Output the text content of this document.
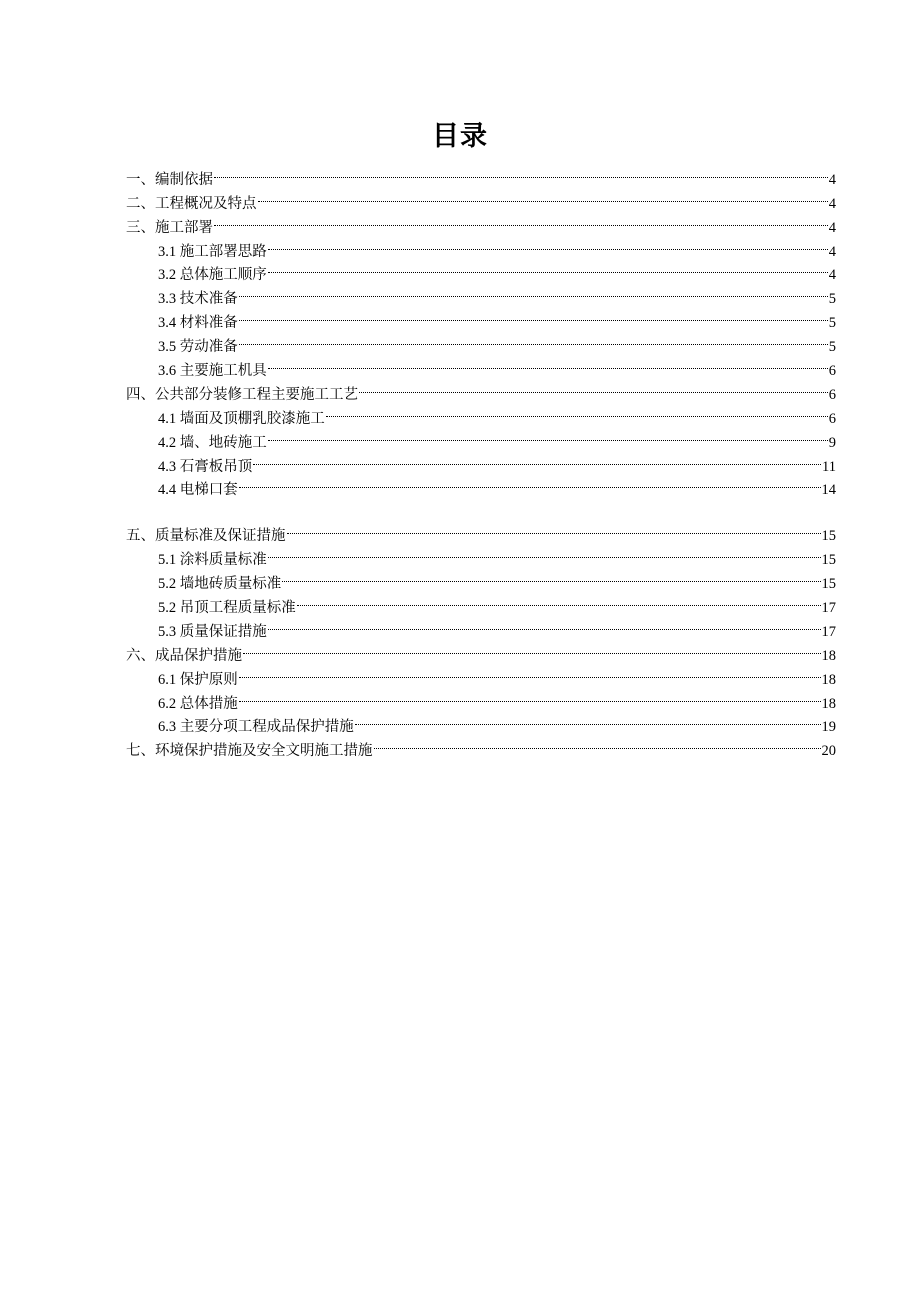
目录
一、编制依据	4
二、工程概况及特点	4
三、施工部署	4
3.1 施工部署思路	4
3.2 总体施工顺序	4
3.3 技术准备	5
3.4 材料准备	5
3.5 劳动准备	5
3.6 主要施工机具	6
四、公共部分装修工程主要施工工艺	6
4.1 墙面及顶棚乳胶漆施工	6
4.2 墙、地砖施工	9
4.3 石膏板吊顶	11
4.4 电梯口套	14
五、质量标准及保证措施	15
5.1 涂料质量标准	15
5.2 墙地砖质量标准	15
5.2 吊顶工程质量标准	17
5.3 质量保证措施	17
六、成品保护措施	18
6.1 保护原则	18
6.2 总体措施	18
6.3 主要分项工程成品保护措施	19
七、环境保护措施及安全文明施工措施	20
